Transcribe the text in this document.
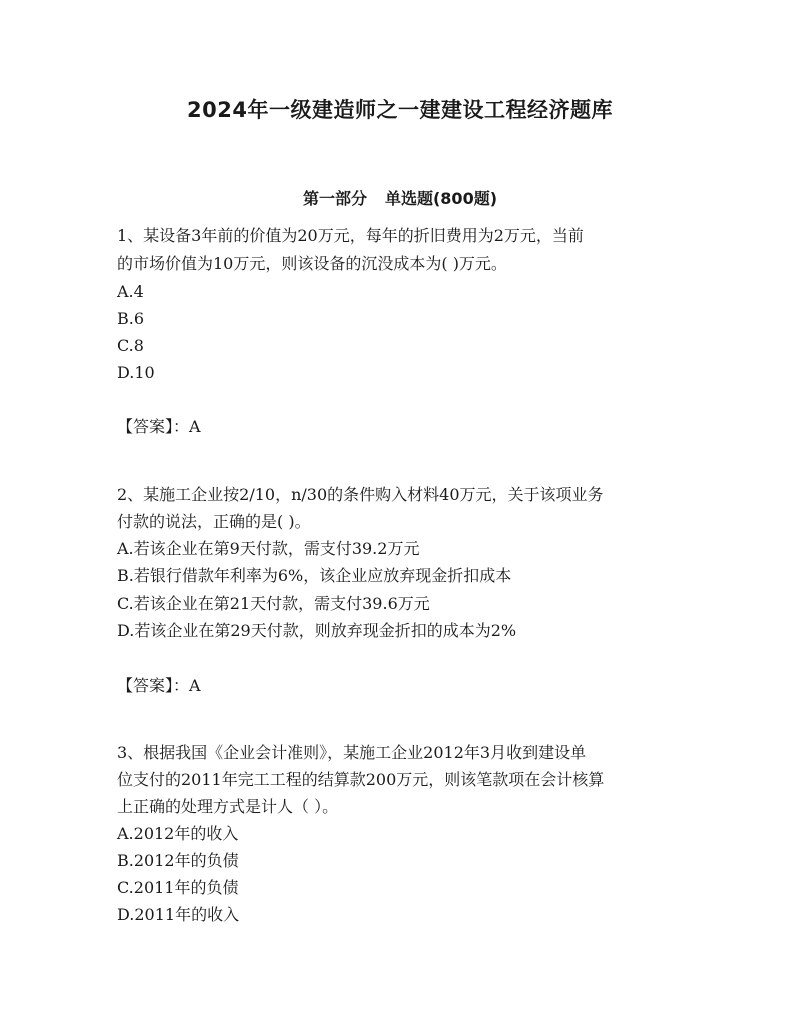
2024年一级建造师之一建建设工程经济题库
第一部分 单选题(800题)
1、某设备3年前的价值为20万元，每年的折旧费用为2万元，当前
的市场价值为10万元，则该设备的沉没成本为( )万元。
A.4
B.6
C.8
D.10
【答案】：A
2、某施工企业按2/10，n/30的条件购入材料40万元，关于该项业务
付款的说法，正确的是( )。
A.若该企业在第9天付款，需支付39.2万元
B.若银行借款年利率为6%，该企业应放弃现金折扣成本
C.若该企业在第21天付款，需支付39.6万元
D.若该企业在第29天付款，则放弃现金折扣的成本为2%
【答案】：A
3、根据我国《企业会计准则》，某施工企业2012年3月收到建设单
位支付的2011年完工工程的结算款200万元，则该笔款项在会计核算
上正确的处理方式是计人（ ）。
A.2012年的收入
B.2012年的负债
C.2011年的负债
D.2011年的收入
